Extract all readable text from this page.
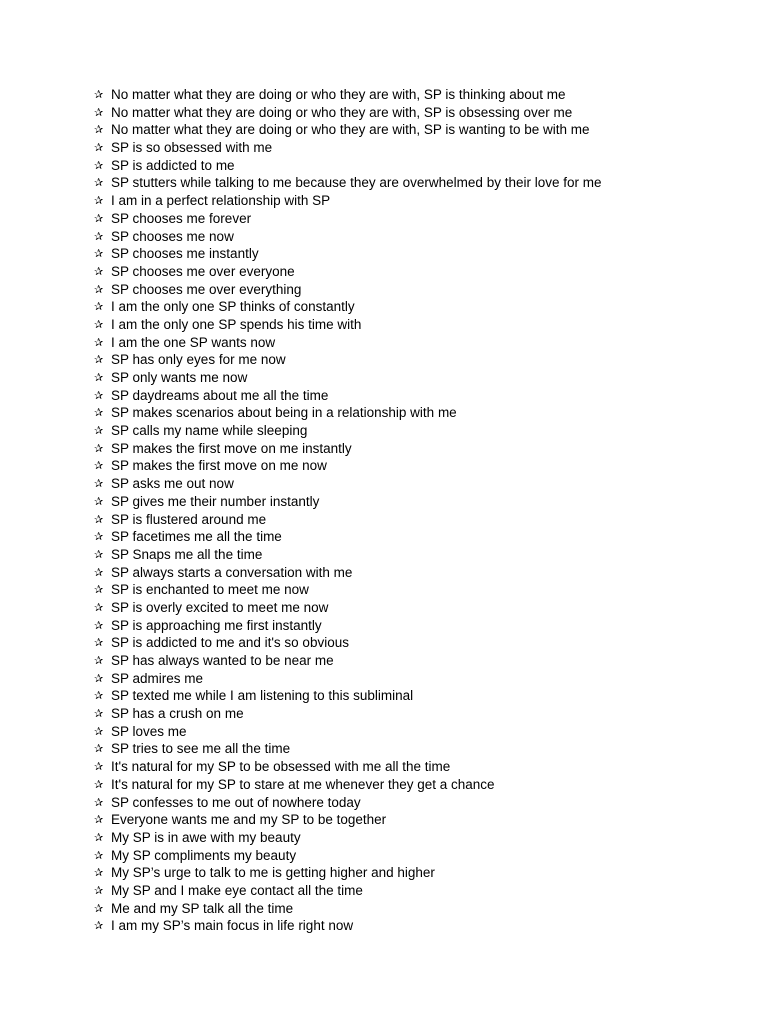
✰ No matter what they are doing or who they are with, SP is thinking about me
✰ No matter what they are doing or who they are with, SP is obsessing over me
✰ No matter what they are doing or who they are with, SP is wanting to be with me
✰ SP is so obsessed with me
✰ SP is addicted to me
✰ SP stutters while talking to me because they are overwhelmed by their love for me
✰ I am in a perfect relationship with SP
✰ SP chooses me forever
✰ SP chooses me now
✰ SP chooses me instantly
✰ SP chooses me over everyone
✰ SP chooses me over everything
✰ I am the only one SP thinks of constantly
✰ I am the only one SP spends his time with
✰ I am the one SP wants now
✰ SP has only eyes for me now
✰ SP only wants me now
✰ SP daydreams about me all the time
✰ SP makes scenarios about being in a relationship with me
✰ SP calls my name while sleeping
✰ SP makes the first move on me instantly
✰ SP makes the first move on me now
✰ SP asks me out now
✰ SP gives me their number instantly
✰ SP is flustered around me
✰ SP facetimes me all the time
✰ SP Snaps me all the time
✰ SP always starts a conversation with me
✰ SP is enchanted to meet me now
✰ SP is overly excited to meet me now
✰ SP is approaching me first instantly
✰ SP is addicted to me and it's so obvious
✰ SP has always wanted to be near me
✰ SP admires me
✰ SP texted me while I am listening to this subliminal
✰ SP has a crush on me
✰ SP loves me
✰ SP tries to see me all the time
✰ It's natural for my SP to be obsessed with me all the time
✰ It's natural for my SP to stare at me whenever they get a chance
✰ SP confesses to me out of nowhere today
✰ Everyone wants me and my SP to be together
✰ My SP is in awe with my beauty
✰ My SP compliments my beauty
✰ My SP’s urge to talk to me is getting higher and higher
✰ My SP and I make eye contact all the time
✰ Me and my SP talk all the time
✰ I am my SP’s main focus in life right now
